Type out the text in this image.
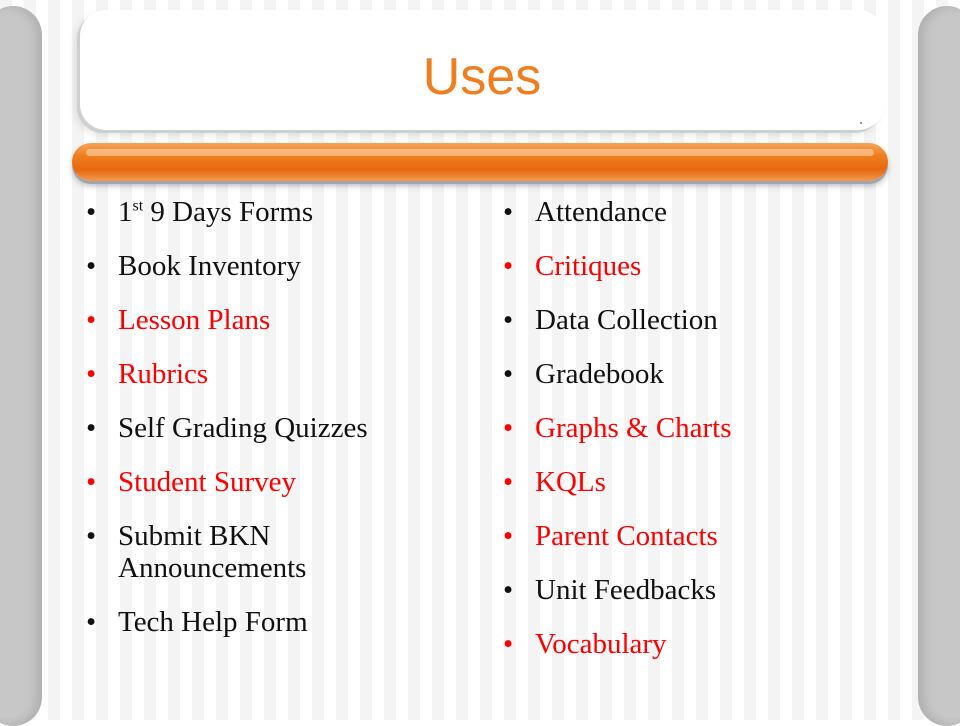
Uses
• 1st 9 Days Forms
• Book Inventory
• Lesson Plans
• Rubrics
• Self Grading Quizzes
• Student Survey
• Submit BKN Announcements
• Tech Help Form
• Attendance
• Critiques
• Data Collection
• Gradebook
• Graphs & Charts
• KQLs
• Parent Contacts
• Unit Feedbacks
• Vocabulary
